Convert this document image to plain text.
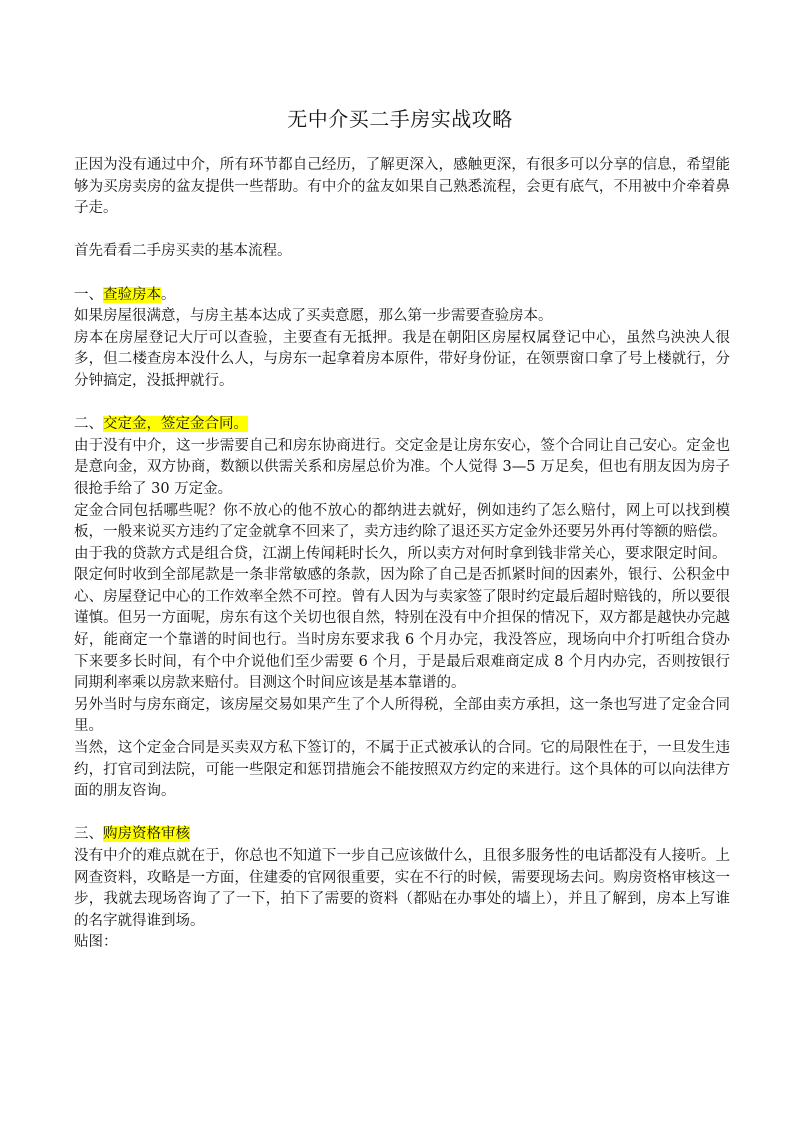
无中介买二手房实战攻略

正因为没有通过中介，所有环节都自己经历，了解更深入，感触更深，有很多可以分享的信息，希望能够为买房卖房的盆友提供一些帮助。有中介的盆友如果自己熟悉流程，会更有底气，不用被中介牵着鼻子走。

首先看看二手房买卖的基本流程。

一、查验房本。

如果房屋很满意，与房主基本达成了买卖意愿，那么第一步需要查验房本。

房本在房屋登记大厅可以查验，主要查有无抵押。我是在朝阳区房屋权属登记中心，虽然乌泱泱人很多，但二楼查房本没什么人，与房东一起拿着房本原件，带好身份证，在领票窗口拿了号上楼就行，分分钟搞定，没抵押就行。

二、交定金，签定金合同。

由于没有中介，这一步需要自己和房东协商进行。交定金是让房东安心，签个合同让自己安心。定金也是意向金，双方协商，数额以供需关系和房屋总价为准。个人觉得 3—5 万足矣，但也有朋友因为房子很抢手给了 30 万定金。

定金合同包括哪些呢？你不放心的他不放心的都纳进去就好，例如违约了怎么赔付，网上可以找到模板，一般来说买方违约了定金就拿不回来了，卖方违约除了退还买方定金外还要另外再付等额的赔偿。

由于我的贷款方式是组合贷，江湖上传闻耗时长久，所以卖方对何时拿到钱非常关心，要求限定时间。

限定何时收到全部尾款是一条非常敏感的条款，因为除了自己是否抓紧时间的因素外，银行、公积金中心、房屋登记中心的工作效率全然不可控。曾有人因为与卖家签了限时约定最后超时赔钱的，所以要很谨慎。但另一方面呢，房东有这个关切也很自然，特别在没有中介担保的情况下，双方都是越快办完越好，能商定一个靠谱的时间也行。当时房东要求我 6 个月办完，我没答应，现场向中介打听组合贷办下来要多长时间，有个中介说他们至少需要 6 个月，于是最后艰难商定成 8 个月内办完，否则按银行同期利率乘以房款来赔付。目测这个时间应该是基本靠谱的。

另外当时与房东商定，该房屋交易如果产生了个人所得税，全部由卖方承担，这一条也写进了定金合同里。

当然，这个定金合同是买卖双方私下签订的，不属于正式被承认的合同。它的局限性在于，一旦发生违约，打官司到法院，可能一些限定和惩罚措施会不能按照双方约定的来进行。这个具体的可以向法律方面的朋友咨询。

三、购房资格审核

没有中介的难点就在于，你总也不知道下一步自己应该做什么，且很多服务性的电话都没有人接听。上网查资料，攻略是一方面，住建委的官网很重要，实在不行的时候，需要现场去问。购房资格审核这一步，我就去现场咨询了了一下，拍下了需要的资料（都贴在办事处的墙上），并且了解到，房本上写谁的名字就得谁到场。

贴图：
